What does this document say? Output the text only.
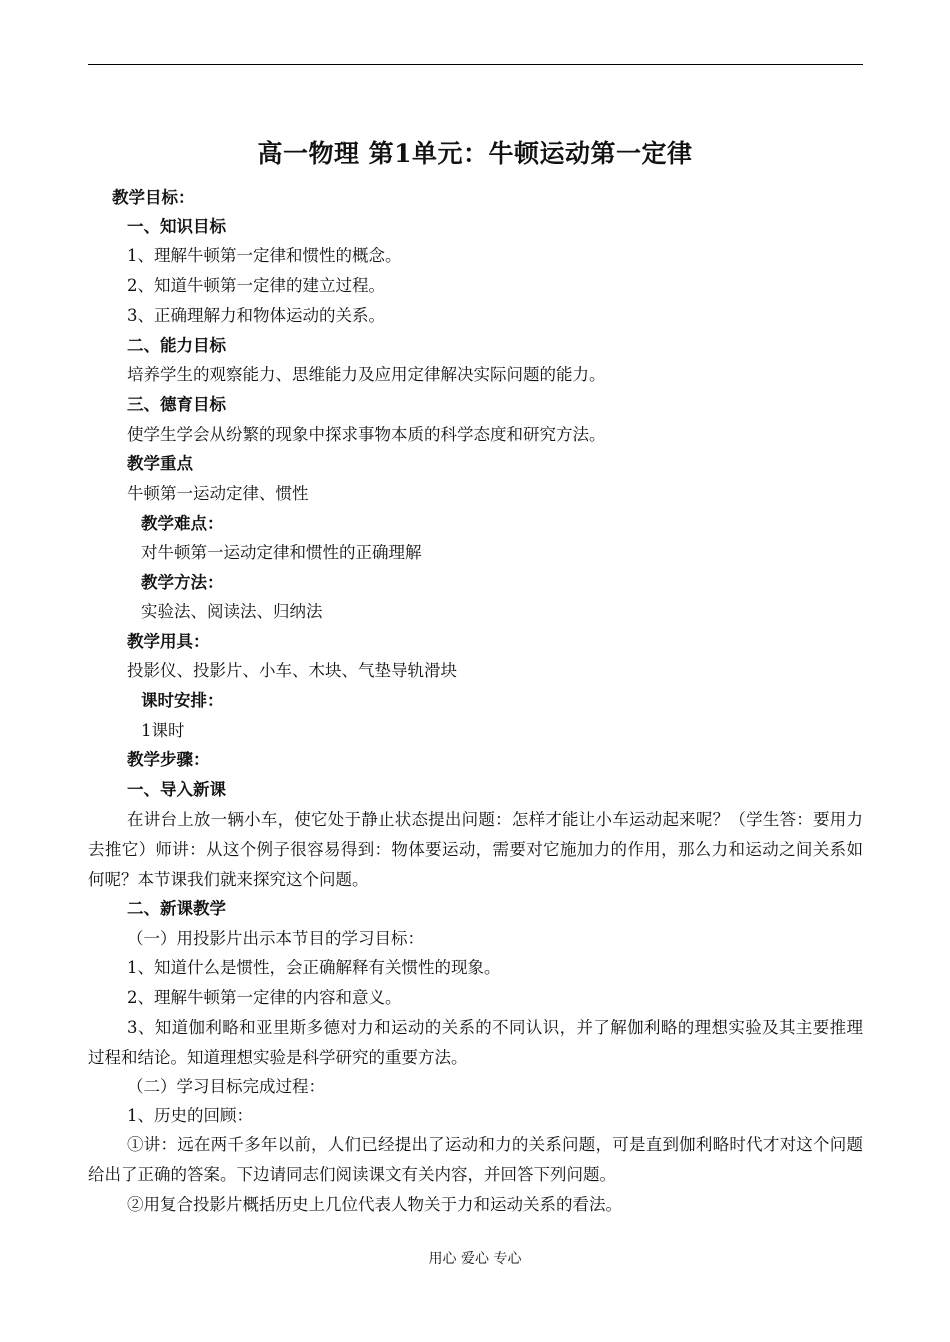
高一物理 第1单元：牛顿运动第一定律
教学目标：
一、知识目标
1、理解牛顿第一定律和惯性的概念。
2、知道牛顿第一定律的建立过程。
3、正确理解力和物体运动的关系。
二、能力目标
培养学生的观察能力、思维能力及应用定律解决实际问题的能力。
三、德育目标
使学生学会从纷繁的现象中探求事物本质的科学态度和研究方法。
教学重点
牛顿第一运动定律、惯性
教学难点：
对牛顿第一运动定律和惯性的正确理解
教学方法：
实验法、阅读法、归纳法
教学用具：
投影仪、投影片、小车、木块、气垫导轨滑块
课时安排：
1课时
教学步骤：
一、导入新课
在讲台上放一辆小车，使它处于静止状态提出问题：怎样才能让小车运动起来呢？（学生答：要用力去推它）师讲：从这个例子很容易得到：物体要运动，需要对它施加力的作用，那么力和运动之间关系如何呢？本节课我们就来探究这个问题。
二、新课教学
（一）用投影片出示本节目的学习目标：
1、知道什么是惯性，会正确解释有关惯性的现象。
2、理解牛顿第一定律的内容和意义。
3、知道伽利略和亚里斯多德对力和运动的关系的不同认识，并了解伽利略的理想实验及其主要推理过程和结论。知道理想实验是科学研究的重要方法。
（二）学习目标完成过程：
1、历史的回顾：
①讲：远在两千多年以前，人们已经提出了运动和力的关系问题，可是直到伽利略时代才对这个问题给出了正确的答案。下边请同志们阅读课文有关内容，并回答下列问题。
②用复合投影片概括历史上几位代表人物关于力和运动关系的看法。
用心 爱心 专心
